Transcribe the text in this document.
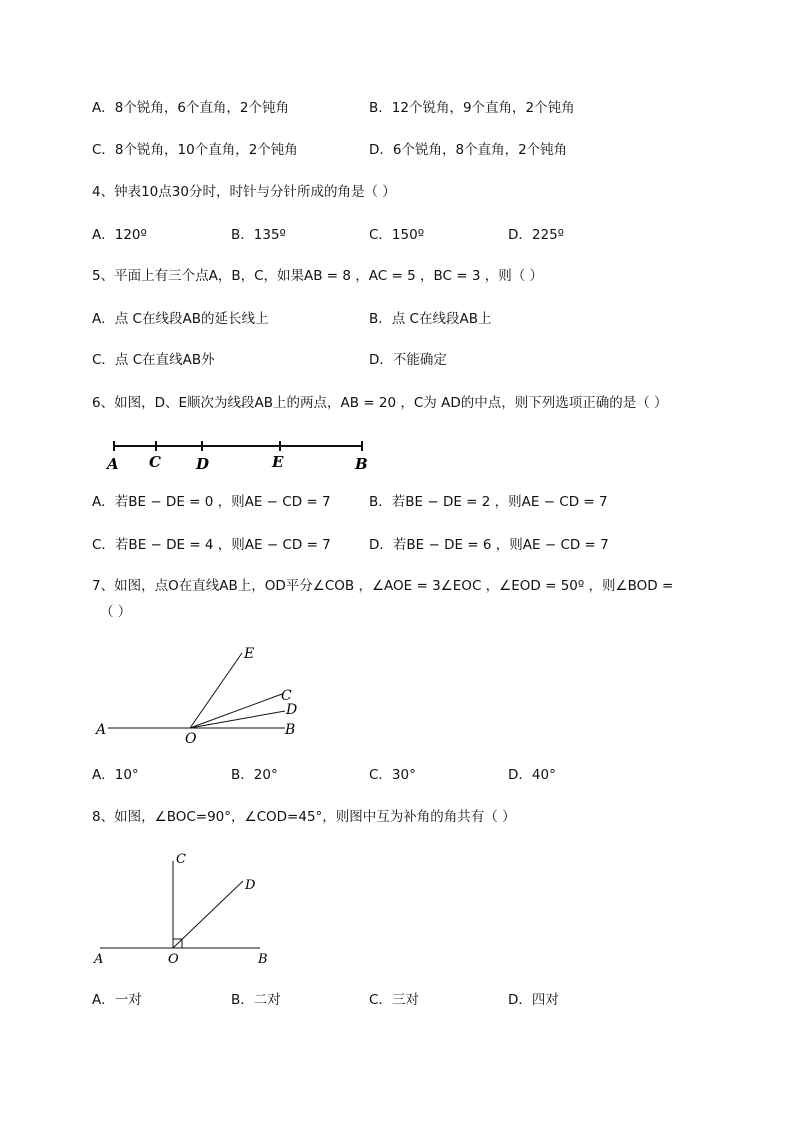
A．8个锐角，6个直角，2个钝角	B．12个锐角，9个直角，2个钝角
C．8个锐角，10个直角，2个钝角	D．6个锐角，8个直角，2个钝角
4、钟表10点30分时，时针与分针所成的角是（ ）
A．120º	B．135º	C．150º	D．225º
5、平面上有三个点A，B，C，如果AB = 8 ，AC = 5 ，BC = 3 ，则（ ）
A．点 C在线段AB的延长线上	B．点 C在线段AB上
C．点 C在直线AB外	D．不能确定
6、如图，D、E顺次为线段AB上的两点，AB = 20 ，C为 AD的中点，则下列选项正确的是（ ）
A C D	E	B
A．若BE − DE = 0 ，则AE − CD = 7	B．若BE − DE = 2 ，则AE − CD = 7
C．若BE − DE = 4 ，则AE − CD = 7	D．若BE − DE = 6 ，则AE − CD = 7
7、如图，点O在直线AB上，OD平分∠COB ，∠AOE = 3∠EOC ，∠EOD = 50º ，则∠BOD =
（ ）
E
C
D
A
O
B
A．10°	B．20°	C．30°	D．40°
8、如图，∠BOC=90°，∠COD=45°，则图中互为补角的角共有（ ）
C
D
A	O	B
A．一对	B．二对	C．三对	D．四对
